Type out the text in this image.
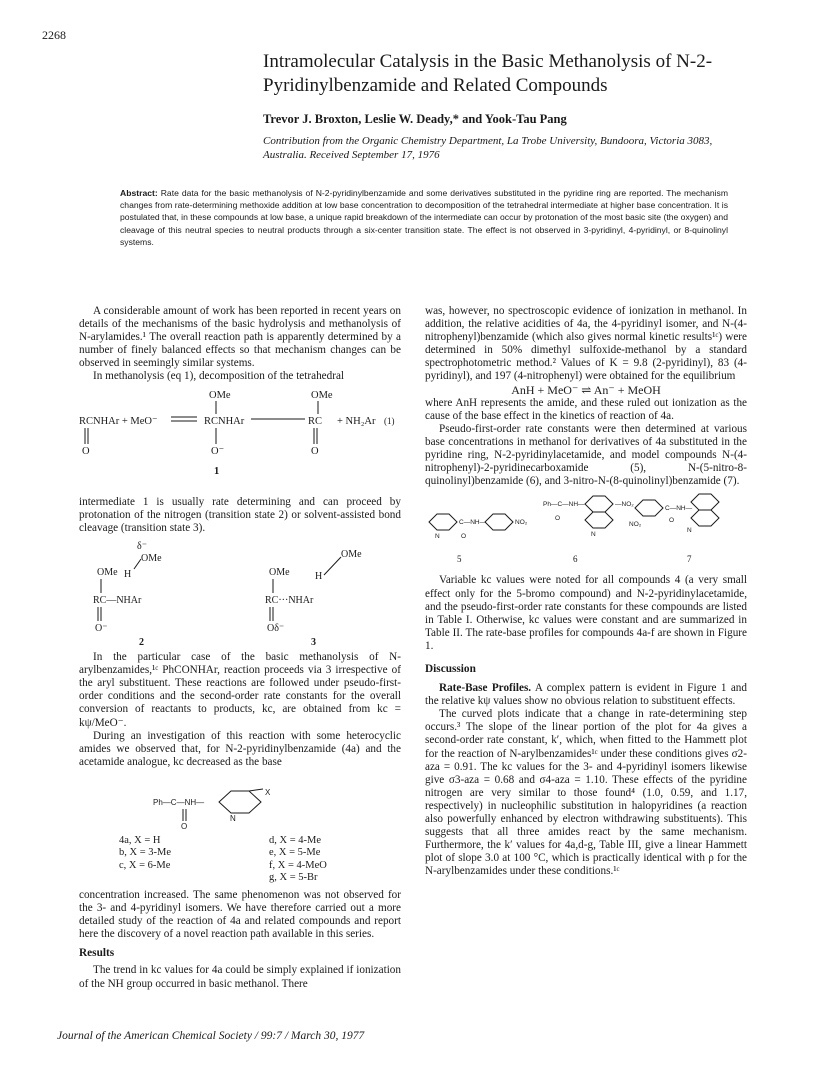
2268
Intramolecular Catalysis in the Basic Methanolysis of N-2-Pyridinylbenzamide and Related Compounds
Trevor J. Broxton, Leslie W. Deady,* and Yook-Tau Pang
Contribution from the Organic Chemistry Department, La Trobe University, Bundoora, Victoria 3083, Australia. Received September 17, 1976
Abstract: Rate data for the basic methanolysis of N-2-pyridinylbenzamide and some derivatives substituted in the pyridine ring are reported. The mechanism changes from rate-determining methoxide addition at low base concentration to decomposition of the tetrahedral intermediate at higher base concentration. It is postulated that, in these compounds at low base, a unique rapid breakdown of the intermediate can occur by protonation of the most basic site (the oxygen) and cleavage of this neutral species to neutral products through a six-center transition state. The effect is not observed in 3-pyridinyl, 4-pyridinyl, or 8-quinolinyl systems.

A considerable amount of work has been reported in recent years on details of the mechanisms of the basic hydrolysis and methanolysis of N-arylamides.¹ The overall reaction path is apparently determined by a number of finely balanced effects so that mechanism changes can be observed in seemingly similar systems.

In methanolysis (eq 1), decomposition of the tetrahedral

OMe	OMe
RCNHAr + MeO⁻	RCNHAr	RC + NH₂Ar (1)
O	O⁻	O
1

intermediate 1 is usually rate determining and can proceed by protonation of the nitrogen (transition state 2) or solvent-assisted bond cleavage (transition state 3).

δ⁻
OMe
H
OMe
RC—NHAr
O⁻
2
OMe
H
OMe
RC···NHAr
Oδ⁻
3

In the particular case of the basic methanolysis of N-arylbenzamides,¹ᶜ PhCONHAr, reaction proceeds via 3 irrespective of the aryl substituent. These reactions are followed under pseudo-first-order conditions and the second-order rate constants for the overall conversion of reactants to products, kc, are obtained from kc = kψ/MeO⁻.

During an investigation of this reaction with some heterocyclic amides we observed that, for N-2-pyridinylbenzamide (4a) and the acetamide analogue, kc decreased as the base

Ph—C—NH—
O
N
X
4a, X = H	d, X = 4-Me
b, X = 3-Me	e, X = 5-Me
c, X = 6-Me	f, X = 4-MeO
g, X = 5-Br

concentration increased. The same phenomenon was not observed for the 3- and 4-pyridinyl isomers. We have therefore carried out a more detailed study of the reaction of 4a and related compounds and report here the discovery of a novel reaction path available in this series.

Results

The trend in kc values for 4a could be simply explained if ionization of the NH group occurred in basic methanol. There

was, however, no spectroscopic evidence of ionization in methanol. In addition, the relative acidities of 4a, the 4-pyridinyl isomer, and N-(4-nitrophenyl)benzamide (which also gives normal kinetic results¹ᶜ) were determined in 50% dimethyl sulfoxide-methanol by a standard spectrophotometric method.² Values of K = 9.8 (2-pyridinyl), 83 (4-pyridinyl), and 197 (4-nitrophenyl) were obtained for the equilibrium

AnH + MeO⁻ ⇌ An⁻ + MeOH

where AnH represents the amide, and these ruled out ionization as the cause of the base effect in the kinetics of reaction of 4a.

Pseudo-first-order rate constants were then determined at various base concentrations in methanol for derivatives of 4a substituted in the pyridine ring, N-2-pyridinylacetamide, and model compounds N-(4-nitrophenyl)-2-pyridinecarboxamide (5), N-(5-nitro-8-quinolinyl)benzamide (6), and 3-nitro-N-(8-quinolinyl)benzamide (7).

N
C—NH—	NO₂
O
Ph—C—NH—
O
—NO₂
N
NO₂
C—NH—
O
N
5	6	7

Variable kc values were noted for all compounds 4 (a very small effect only for the 5-bromo compound) and N-2-pyridinylacetamide, and the pseudo-first-order rate constants for these compounds are listed in Table I. Otherwise, kc values were constant and are summarized in Table II. The rate-base profiles for compounds 4a-f are shown in Figure 1.

Discussion

Rate-Base Profiles. A complex pattern is evident in Figure 1 and the relative kψ values show no obvious relation to substituent effects.

The curved plots indicate that a change in rate-determining step occurs.³ The slope of the linear portion of the plot for 4a gives a second-order rate constant, k′, which, when fitted to the Hammett plot for the reaction of N-arylbenzamides¹ᶜ under these conditions gives σ2-aza = 0.91. The kc values for the 3- and 4-pyridinyl isomers likewise give σ3-aza = 0.68 and σ4-aza = 1.10. These effects of the pyridine nitrogen are very similar to those found⁴ (1.0, 0.59, and 1.17, respectively) in nucleophilic substitution in halopyridines (a reaction also powerfully enhanced by electron withdrawing substituents). This suggests that all three amides react by the same mechanism. Furthermore, the k′ values for 4a,d-g, Table III, give a linear Hammett plot of slope 3.0 at 100 °C, which is practically identical with ρ for the N-arylbenzamides under these conditions.¹ᶜ

Journal of the American Chemical Society / 99:7 / March 30, 1977
